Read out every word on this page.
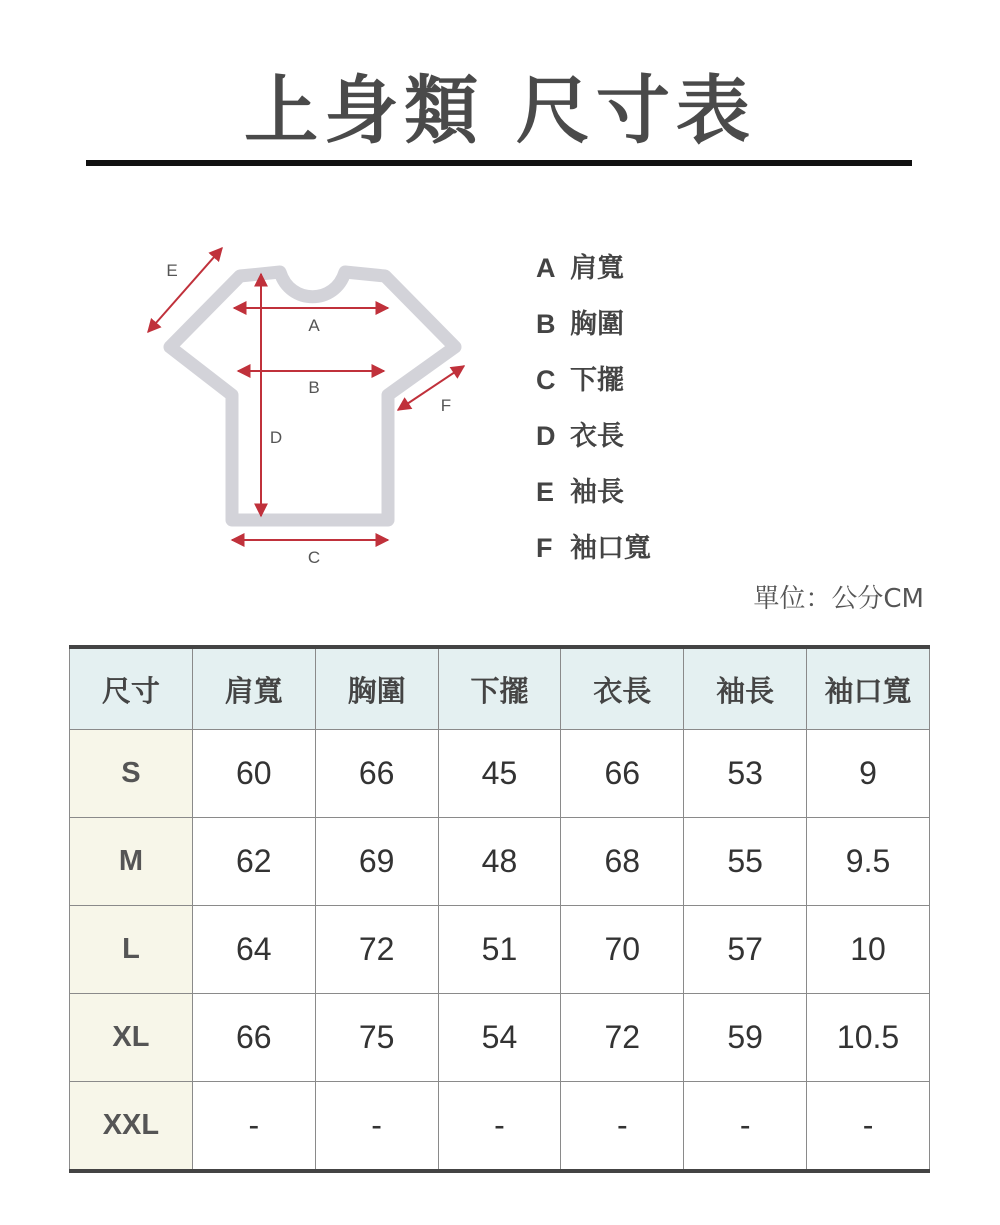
上身類 尺寸表
A
B
C
D
E
F
A 肩寬
B 胸圍
C 下擺
D 衣長
E 袖長
F 袖口寬
單位：公分CM
尺寸	肩寬	胸圍	下擺	衣長	袖長	袖口寬
S	60	66	45	66	53	9
M	62	69	48	68	55	9.5
L	64	72	51	70	57	10
XL	66	75	54	72	59	10.5
XXL	-	-	-	-	-	-
